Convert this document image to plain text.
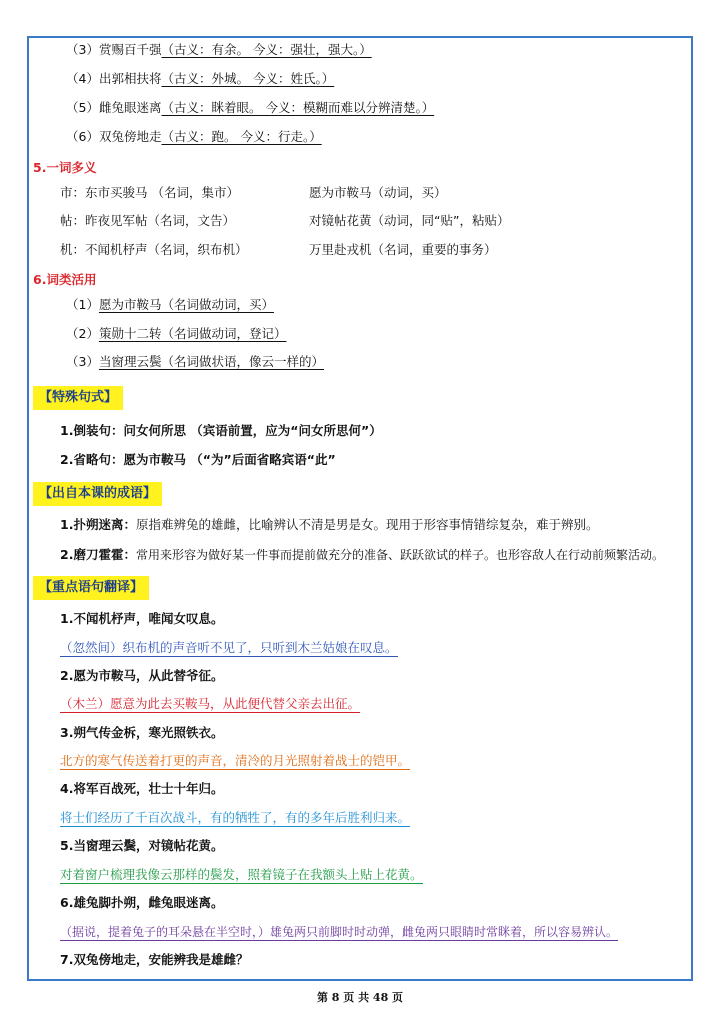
（3）赏赐百千强（古义：有余。 今义：强壮，强大。）
（4）出郭相扶将（古义：外城。 今义：姓氏。）
（5）雌兔眼迷离（古义：眯着眼。 今义：模糊而难以分辨清楚。）
（6）双兔傍地走（古义：跑。 今义：行走。）
5.一词多义
市：东市买骏马 （名词，集市）	愿为市鞍马（动词，买）
帖：昨夜见军帖（名词，文告）	对镜帖花黄（动词，同“贴”，粘贴）
机：不闻机杼声（名词，织布机）	万里赴戎机（名词，重要的事务）
6.词类活用
（1）愿为市鞍马（名词做动词，买）
（2）策勋十二转（名词做动词，登记）
（3）当窗理云鬓（名词做状语，像云一样的）
【特殊句式】
1.倒装句：问女何所思 （宾语前置，应为“问女所思何”）
2.省略句：愿为市鞍马 （“为”后面省略宾语“此”
【出自本课的成语】
1.扑朔迷离：原指难辨兔的雄雌，比喻辨认不清是男是女。现用于形容事情错综复杂，难于辨别。
2.磨刀霍霍：常用来形容为做好某一件事而提前做充分的准备、跃跃欲试的样子。也形容敌人在行动前频繁活动。
【重点语句翻译】
1.不闻机杼声，唯闻女叹息。
（忽然间）织布机的声音听不见了，只听到木兰姑娘在叹息。
2.愿为市鞍马，从此替爷征。
（木兰）愿意为此去买鞍马，从此便代替父亲去出征。
3.朔气传金柝，寒光照铁衣。
北方的寒气传送着打更的声音，清冷的月光照射着战士的铠甲。
4.将军百战死，壮士十年归。
将士们经历了千百次战斗，有的牺牲了，有的多年后胜利归来。
5.当窗理云鬓，对镜帖花黄。
对着窗户梳理我像云那样的鬓发，照着镜子在我额头上贴上花黄。
6.雄兔脚扑朔，雌兔眼迷离。
（据说，提着兔子的耳朵悬在半空时，）雄兔两只前脚时时动弹，雌兔两只眼睛时常眯着，所以容易辨认。
7.双兔傍地走，安能辨我是雄雌？
第 8 页 共 48 页
